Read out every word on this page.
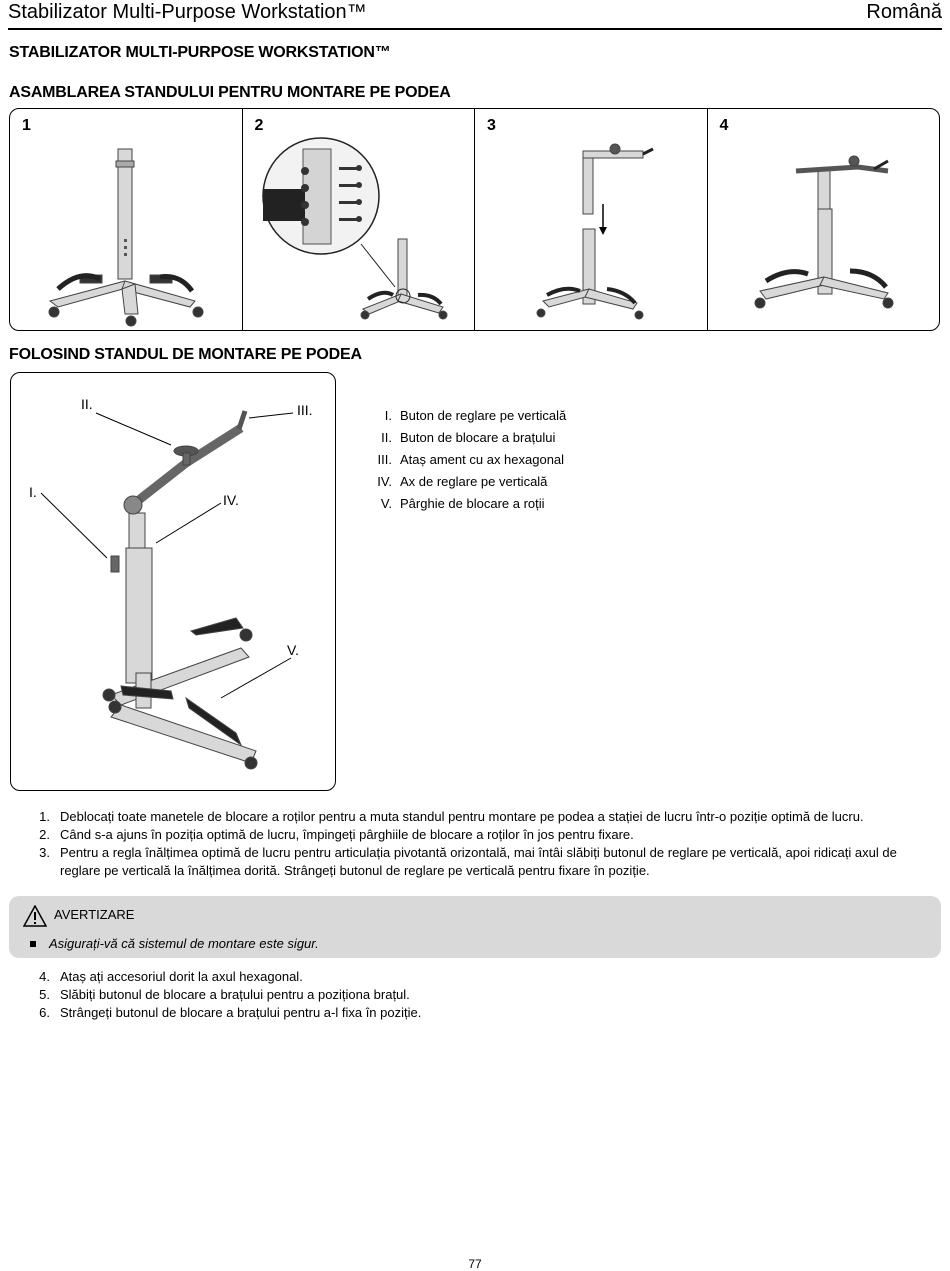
Stabilizator Multi-Purpose Workstation™	Română
STABILIZATOR MULTI-PURPOSE WORKSTATION™
ASAMBLAREA STANDULUI PENTRU MONTARE PE PODEA
1	2	3	4
FOLOSIND STANDUL DE MONTARE PE PODEA
II.	III.
I.	IV.
V.
I. Buton de reglare pe verticală
II. Buton de blocare a brațului
III. Ataș ament cu ax hexagonal
IV. Ax de reglare pe verticală
V. Pârghie de blocare a roții
1. Deblocați toate manetele de blocare a roților pentru a muta standul pentru montare pe podea a stației de lucru într-o poziție optimă de lucru.
2. Când s-a ajuns în poziția optimă de lucru, împingeți pârghiile de blocare a roților în jos pentru fixare.
3. Pentru a regla înălțimea optimă de lucru pentru articulația pivotantă orizontală, mai întâi slăbiți butonul de reglare pe verticală, apoi ridicați axul de reglare pe verticală la înălțimea dorită. Strângeți butonul de reglare pe verticală pentru fixare în poziție.
AVERTIZARE
Asigurați-vă că sistemul de montare este sigur.
4. Ataș ați accesoriul dorit la axul hexagonal.
5. Slăbiți butonul de blocare a brațului pentru a poziționa brațul.
6. Strângeți butonul de blocare a brațului pentru a-l fixa în poziție.
77
